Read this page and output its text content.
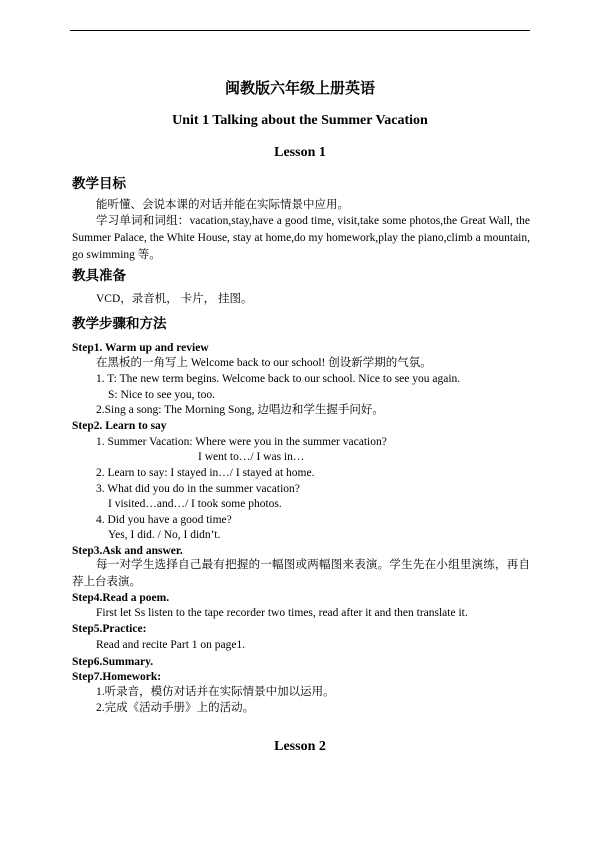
闽教版六年级上册英语
Unit 1 Talking about the Summer Vacation
Lesson 1
教学目标
能听懂、会说本课的对话并能在实际情景中应用。
学习单词和词组：vacation,stay,have a good time, visit,take some photos,the Great Wall, the Summer Palace, the White House, stay at home,do my homework,play the piano,climb a mountain, go swimming 等。
教具准备
VCD，录音机， 卡片， 挂图。
教学步骤和方法
Step1. Warm up and review
在黑板的一角写上 Welcome back to our school! 创设新学期的气氛。
1. T: The new term begins. Welcome back to our school. Nice to see you again.
S: Nice to see you, too.
2.Sing a song: The Morning Song, 边唱边和学生握手问好。
Step2. Learn to say
1. Summer Vacation: Where were you in the summer vacation?
I went to…/ I was in…
2. Learn to say: I stayed in…/ I stayed at home.
3. What did you do in the summer vacation?
I visited…and…/ I took some photos.
4. Did you have a good time?
Yes, I did. / No, I didn’t.
Step3.Ask and answer.
每一对学生选择自己最有把握的一幅图或两幅图来表演。学生先在小组里演练，再自荐上台表演。
Step4.Read a poem.
First let Ss listen to the tape recorder two times, read after it and then translate it.
Step5.Practice:
Read and recite Part 1 on page1.
Step6.Summary.
Step7.Homework:
1.听录音，模仿对话并在实际情景中加以运用。
2.完成《活动手册》上的活动。
Lesson 2
